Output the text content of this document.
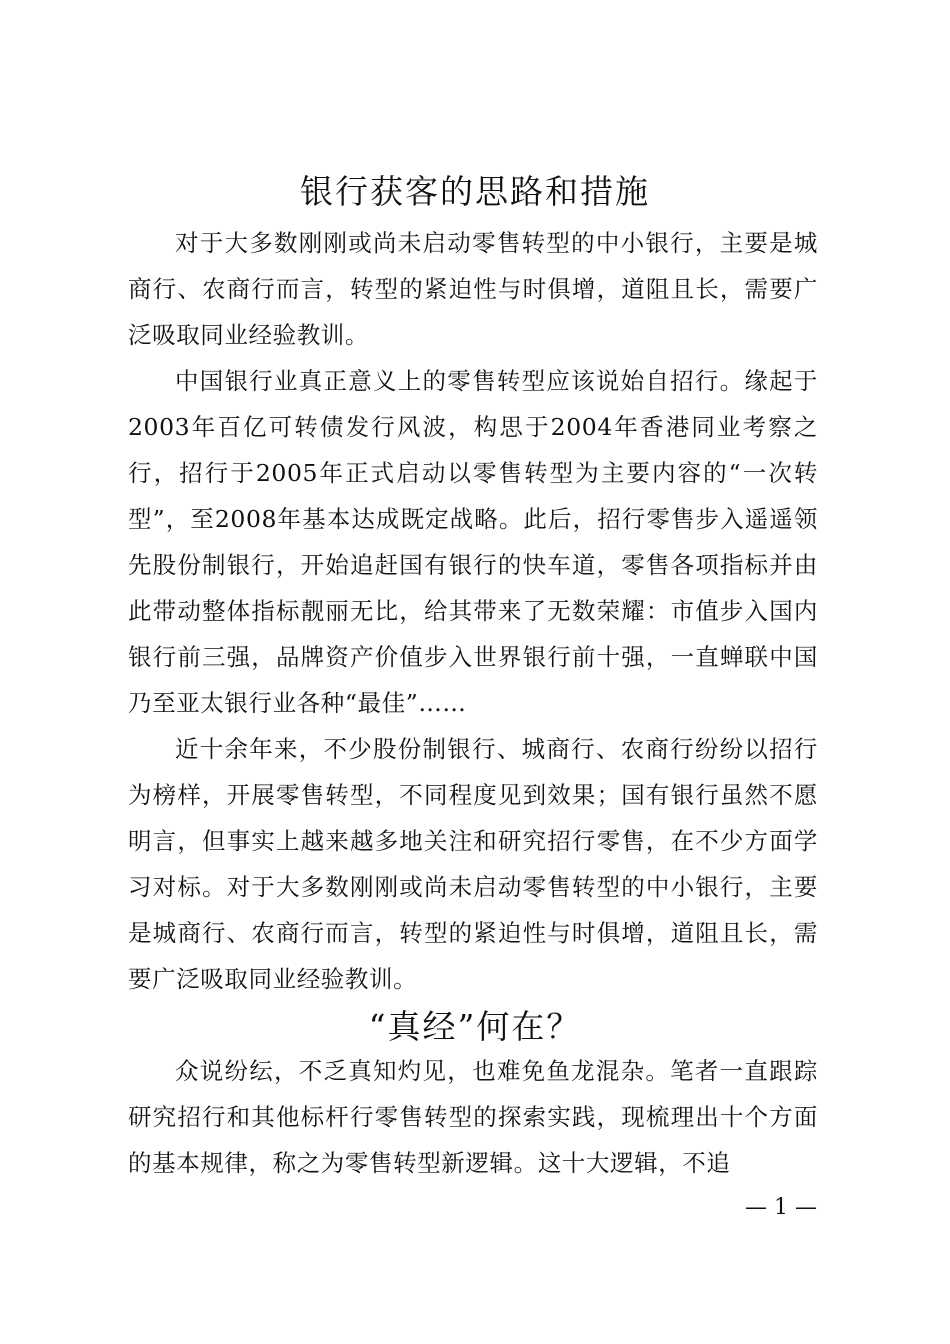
银行获客的思路和措施

对于大多数刚刚或尚未启动零售转型的中小银行，主要是城商行、农商行而言，转型的紧迫性与时俱增，道阻且长，需要广泛吸取同业经验教训。

中国银行业真正意义上的零售转型应该说始自招行。缘起于2003年百亿可转债发行风波，构思于2004年香港同业考察之行，招行于2005年正式启动以零售转型为主要内容的“一次转型”，至2008年基本达成既定战略。此后，招行零售步入遥遥领先股份制银行，开始追赶国有银行的快车道，零售各项指标并由此带动整体指标靓丽无比，给其带来了无数荣耀：市值步入国内银行前三强，品牌资产价值步入世界银行前十强，一直蝉联中国乃至亚太银行业各种“最佳”……

近十余年来，不少股份制银行、城商行、农商行纷纷以招行为榜样，开展零售转型，不同程度见到效果；国有银行虽然不愿明言，但事实上越来越多地关注和研究招行零售，在不少方面学习对标。对于大多数刚刚或尚未启动零售转型的中小银行，主要是城商行、农商行而言，转型的紧迫性与时俱增，道阻且长，需要广泛吸取同业经验教训。

“真经”何在？

众说纷纭，不乏真知灼见，也难免鱼龙混杂。笔者一直跟踪研究招行和其他标杆行零售转型的探索实践，现梳理出十个方面的基本规律，称之为零售转型新逻辑。这十大逻辑，不追

— 1 —
